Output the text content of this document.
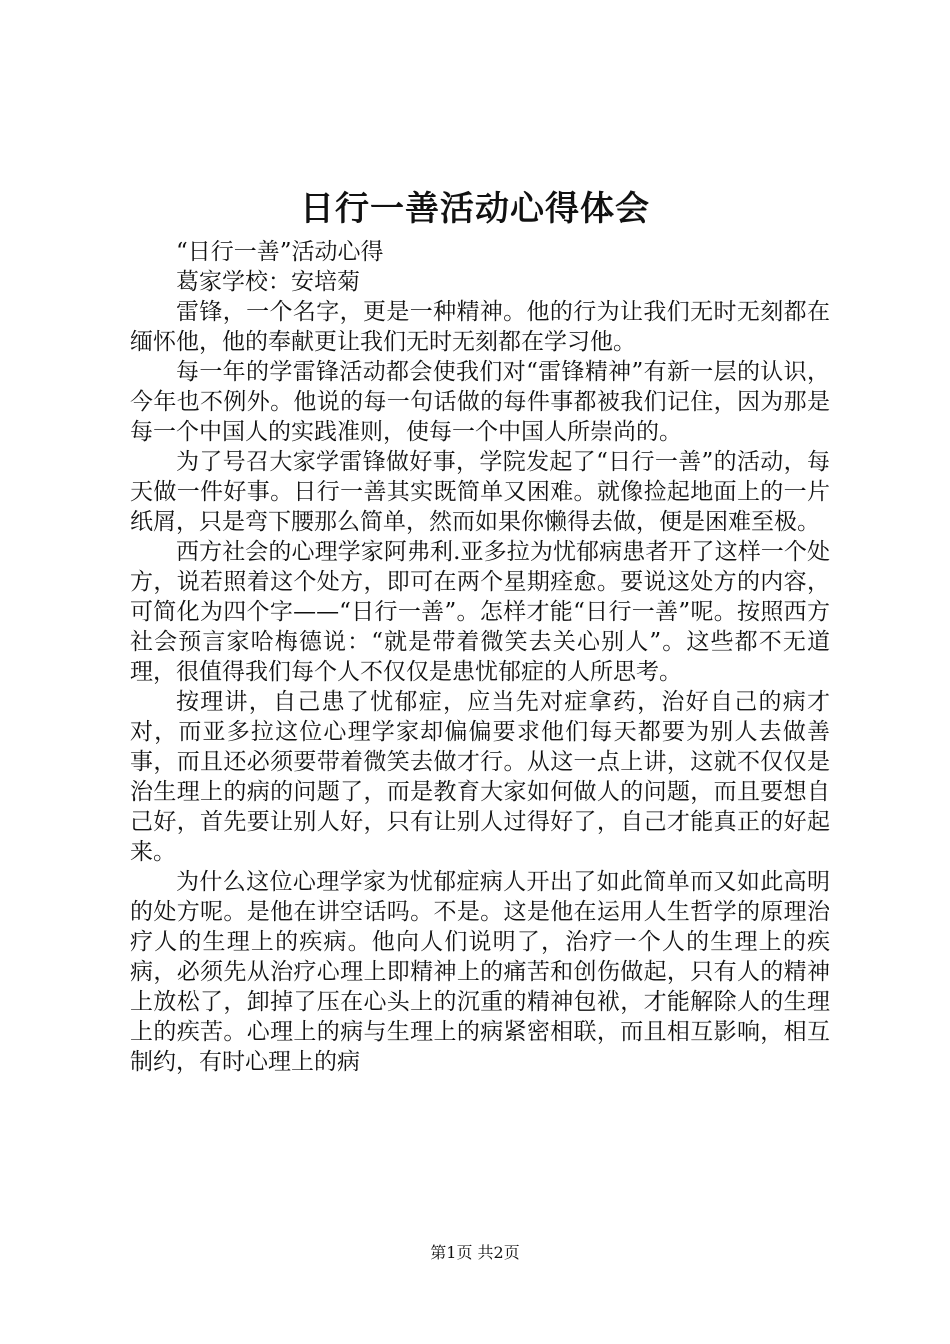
日行一善活动心得体会

“日行一善”活动心得

葛家学校：安培菊

雷锋，一个名字，更是一种精神。他的行为让我们无时无刻都在缅怀他，他的奉献更让我们无时无刻都在学习他。

每一年的学雷锋活动都会使我们对“雷锋精神”有新一层的认识，今年也不例外。他说的每一句话做的每件事都被我们记住，因为那是每一个中国人的实践准则，使每一个中国人所崇尚的。

为了号召大家学雷锋做好事，学院发起了“日行一善”的活动，每天做一件好事。日行一善其实既简单又困难。就像捡起地面上的一片纸屑，只是弯下腰那么简单，然而如果你懒得去做，便是困难至极。

西方社会的心理学家阿弗利.亚多拉为忧郁病患者开了这样一个处方，说若照着这个处方，即可在两个星期痊愈。要说这处方的内容，可简化为四个字——“日行一善”。怎样才能“日行一善”呢。按照西方社会预言家哈梅德说：“就是带着微笑去关心别人”。这些都不无道理，很值得我们每个人不仅仅是患忧郁症的人所思考。

按理讲，自己患了忧郁症，应当先对症拿药，治好自己的病才对，而亚多拉这位心理学家却偏偏要求他们每天都要为别人去做善事，而且还必须要带着微笑去做才行。从这一点上讲，这就不仅仅是治生理上的病的问题了，而是教育大家如何做人的问题，而且要想自己好，首先要让别人好，只有让别人过得好了，自己才能真正的好起来。

为什么这位心理学家为忧郁症病人开出了如此简单而又如此高明的处方呢。是他在讲空话吗。不是。这是他在运用人生哲学的原理治疗人的生理上的疾病。他向人们说明了，治疗一个人的生理上的疾病，必须先从治疗心理上即精神上的痛苦和创伤做起，只有人的精神上放松了，卸掉了压在心头上的沉重的精神包袱，才能解除人的生理上的疾苦。心理上的病与生理上的病紧密相联，而且相互影响，相互制约，有时心理上的病

第1页 共2页
